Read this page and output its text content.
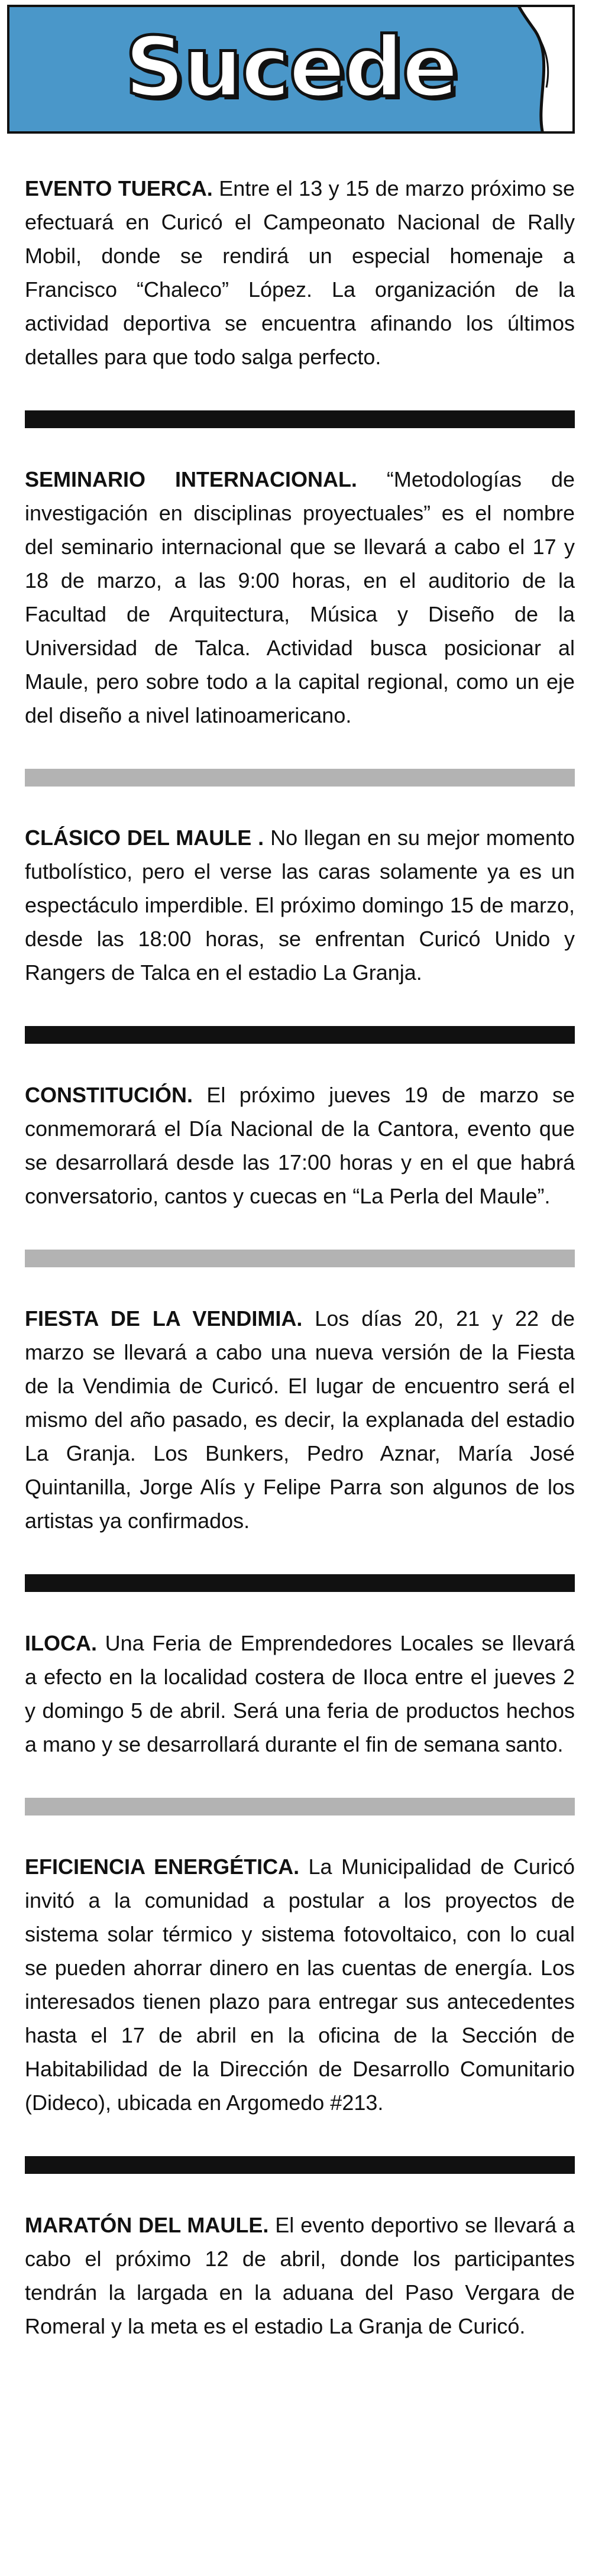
Sucede

EVENTO TUERCA. Entre el 13 y 15 de marzo próximo se efectuará en Curicó el Campeonato Nacional de Rally Mobil, donde se rendirá un especial homenaje a Francisco “Chaleco” López. La organización de la actividad deportiva se encuentra afinando los últimos detalles para que todo salga perfecto.

SEMINARIO INTERNACIONAL. “Metodologías de investigación en disciplinas proyectuales” es el nombre del seminario internacional que se llevará a cabo el 17 y 18 de marzo, a las 9:00 horas, en el auditorio de la Facultad de Arquitectura, Música y Diseño de la Universidad de Talca. Actividad busca posicionar al Maule, pero sobre todo a la capital regional, como un eje del diseño a nivel latinoamericano.

CLÁSICO DEL MAULE . No llegan en su mejor momento futbolístico, pero el verse las caras solamente ya es un espectáculo imperdible. El próximo domingo 15 de marzo, desde las 18:00 horas, se enfrentan Curicó Unido y Rangers de Talca en el estadio La Granja.

CONSTITUCIÓN. El próximo jueves 19 de marzo se conmemorará el Día Nacional de la Cantora, evento que se desarrollará desde las 17:00 horas y en el que habrá conversatorio, cantos y cuecas en “La Perla del Maule”.

FIESTA DE LA VENDIMIA. Los días 20, 21 y 22 de marzo se llevará a cabo una nueva versión de la Fiesta de la Vendimia de Curicó. El lugar de encuentro será el mismo del año pasado, es decir, la explanada del estadio La Granja. Los Bunkers, Pedro Aznar, María José Quintanilla, Jorge Alís y Felipe Parra son algunos de los artistas ya confirmados.

ILOCA. Una Feria de Emprendedores Locales se llevará a efecto en la localidad costera de Iloca entre el jueves 2 y domingo 5 de abril. Será una feria de productos hechos a mano y se desarrollará durante el fin de semana santo.

EFICIENCIA ENERGÉTICA. La Municipalidad de Curicó invitó a la comunidad a postular a los proyectos de sistema solar térmico y sistema fotovoltaico, con lo cual se pueden ahorrar dinero en las cuentas de energía. Los interesados tienen plazo para entregar sus antecedentes hasta el 17 de abril en la oficina de la Sección de Habitabilidad de la Dirección de Desarrollo Comunitario (Dideco), ubicada en Argomedo #213.

MARATÓN DEL MAULE. El evento deportivo se llevará a cabo el próximo 12 de abril, donde los participantes tendrán la largada en la aduana del Paso Vergara de Romeral y la meta es el estadio La Granja de Curicó.
